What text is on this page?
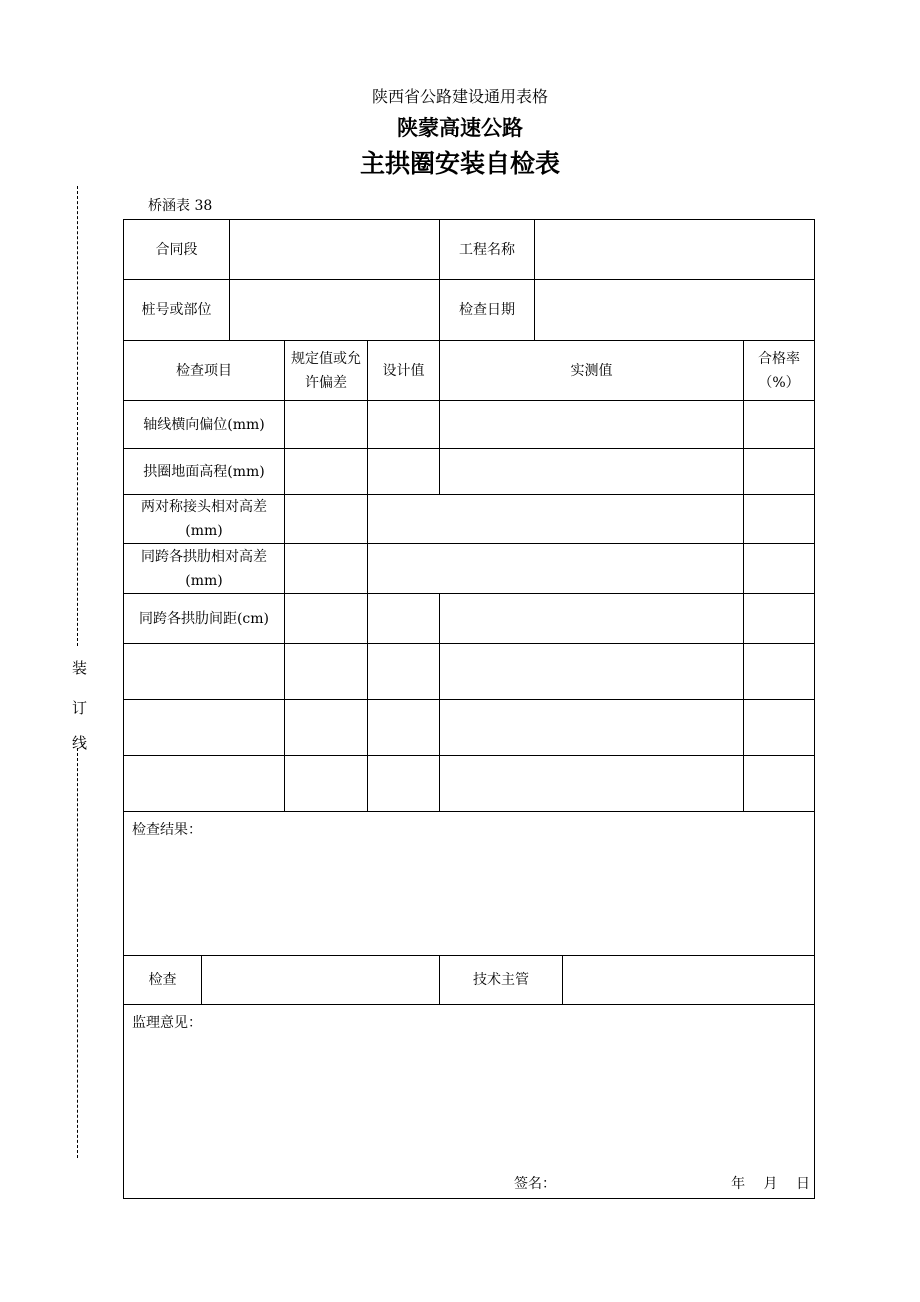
陕西省公路建设通用表格
陕蒙高速公路
主拱圈安装自检表
桥涵表 38
装
订
线
合同段				工程名称			

桩号或部位				检查日期			
检查项目		规定值或允许偏差	设计值	实测值			合格率（%）
轴线横向偏位(mm)							
拱圈地面高程(mm)							
两对称接头相对高差(mm)							
同跨各拱肋相对高差(mm)							
同跨各拱肋间距(cm)							

检查结果：							
检查				技术主管			

监理意见：
签名： 年 月 日							
